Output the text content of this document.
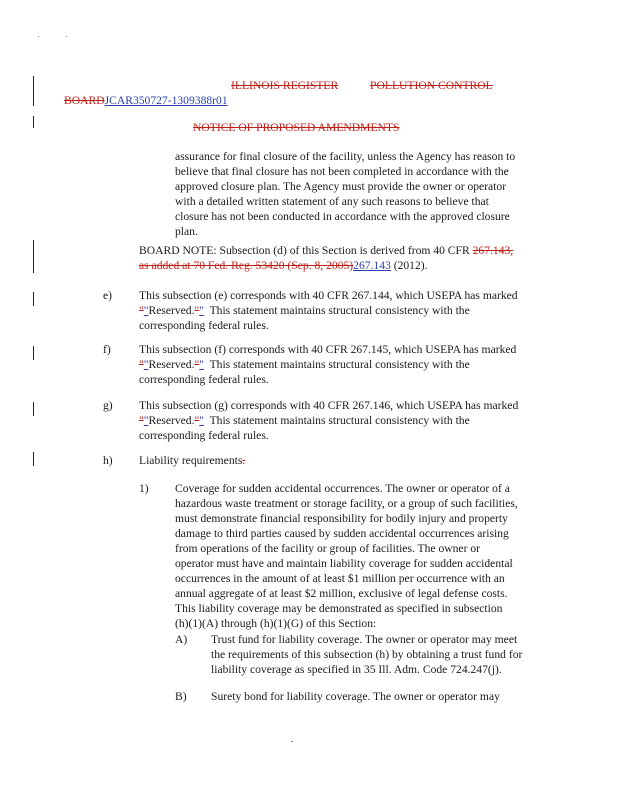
ILLINOIS REGISTER	POLLUTION CONTROL
BOARDJCAR350727-1309388r01
NOTICE OF PROPOSED AMENDMENTS
assurance for final closure of the facility, unless the Agency has reason to
believe that final closure has not been completed in accordance with the
approved closure plan. The Agency must provide the owner or operator
with a detailed written statement of any such reasons to believe that
closure has not been conducted in accordance with the approved closure
plan.
BOARD NOTE: Subsection (d) of this Section is derived from 40 CFR 267.143,
as added at 70 Fed. Reg. 53420 (Sep. 8, 2005)267.143 (2012).
e) This subsection (e) corresponds with 40 CFR 267.144, which USEPA has marked
""Reserved.""  This statement maintains structural consistency with the
corresponding federal rules.
f) This subsection (f) corresponds with 40 CFR 267.145, which USEPA has marked
""Reserved.""  This statement maintains structural consistency with the
corresponding federal rules.
g) This subsection (g) corresponds with 40 CFR 267.146, which USEPA has marked
""Reserved.""  This statement maintains structural consistency with the
corresponding federal rules.
h) Liability requirements.
1) Coverage for sudden accidental occurrences. The owner or operator of a
hazardous waste treatment or storage facility, or a group of such facilities,
must demonstrate financial responsibility for bodily injury and property
damage to third parties caused by sudden accidental occurrences arising
from operations of the facility or group of facilities. The owner or
operator must have and maintain liability coverage for sudden accidental
occurrences in the amount of at least $1 million per occurrence with an
annual aggregate of at least $2 million, exclusive of legal defense costs.
This liability coverage may be demonstrated as specified in subsection
(h)(1)(A) through (h)(1)(G) of this Section:
A) Trust fund for liability coverage. The owner or operator may meet
the requirements of this subsection (h) by obtaining a trust fund for
liability coverage as specified in 35 Ill. Adm. Code 724.247(j).
B) Surety bond for liability coverage. The owner or operator may
